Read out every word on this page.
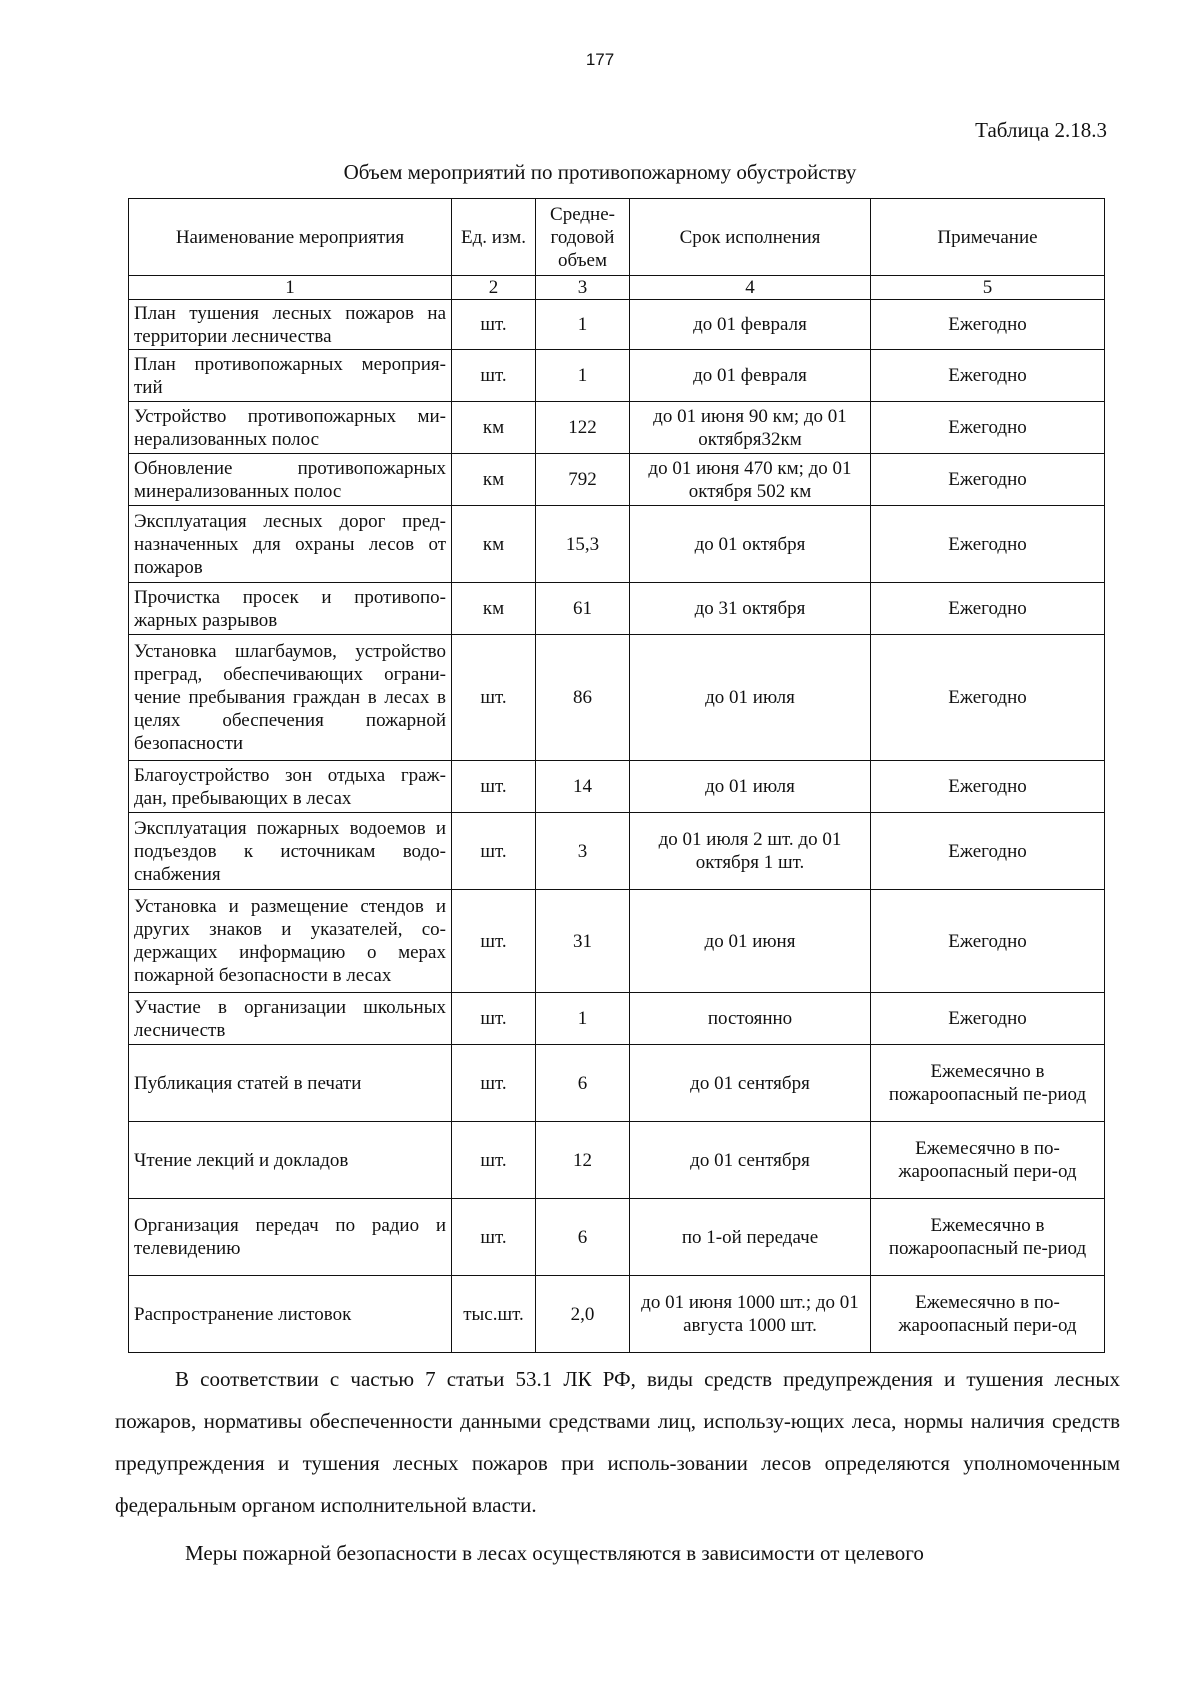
177
Таблица 2.18.3
Объем мероприятий по противопожарному обустройству
Наименование мероприятия	Ед. изм.	Средне-годовой объем	Срок исполнения	Примечание
1	2	3	4	5
План тушения лесных пожаров на территории лесничества	шт.	1	до 01 февраля	Ежегодно
План противопожарных мероприя-тий	шт.	1	до 01 февраля	Ежегодно
Устройство противопожарных ми-нерализованных полос	км	122	до 01 июня 90 км; до 01 октября32км	Ежегодно
Обновление противопожарных минерализованных полос	км	792	до 01 июня 470 км; до 01 октября 502 км	Ежегодно
Эксплуатация лесных дорог пред-назначенных для охраны лесов от пожаров	км	15,3	до 01 октября	Ежегодно
Прочистка просек и противопо-жарных разрывов	км	61	до 31 октября	Ежегодно
Установка шлагбаумов, устройство преград, обеспечивающих ограни-чение пребывания граждан в лесах в целях обеспечения пожарной безопасности	шт.	86	до 01 июля	Ежегодно
Благоустройство зон отдыха граж-дан, пребывающих в лесах	шт.	14	до 01 июля	Ежегодно
Эксплуатация пожарных водоемов и подъездов к источникам водо-снабжения	шт.	3	до 01 июля 2 шт. до 01 октября 1 шт.	Ежегодно
Установка и размещение стендов и других знаков и указателей, со-держащих информацию о мерах пожарной безопасности в лесах	шт.	31	до 01 июня	Ежегодно
Участие в организации школьных лесничеств	шт.	1	постоянно	Ежегодно
Публикация статей в печати	шт.	6	до 01 сентября	Ежемесячно в пожароопасный пе-риод
Чтение лекций и докладов	шт.	12	до 01 сентября	Ежемесячно в по-жароопасный пери-од
Организация передач по радио и телевидению	шт.	6	по 1-ой передаче	Ежемесячно в пожароопасный пе-риод
Распространение листовок	тыс.шт.	2,0	до 01 июня 1000 шт.; до 01 августа 1000 шт.	Ежемесячно в по-жароопасный пери-од

В соответствии с частью 7 статьи 53.1 ЛК РФ, виды средств предупреждения и тушения лесных пожаров, нормативы обеспеченности данными средствами лиц, использу-ющих леса, нормы наличия средств предупреждения и тушения лесных пожаров при исполь-зовании лесов определяются уполномоченным федеральным органом исполнительной власти.

Меры пожарной безопасности в лесах осуществляются в зависимости от целевого
